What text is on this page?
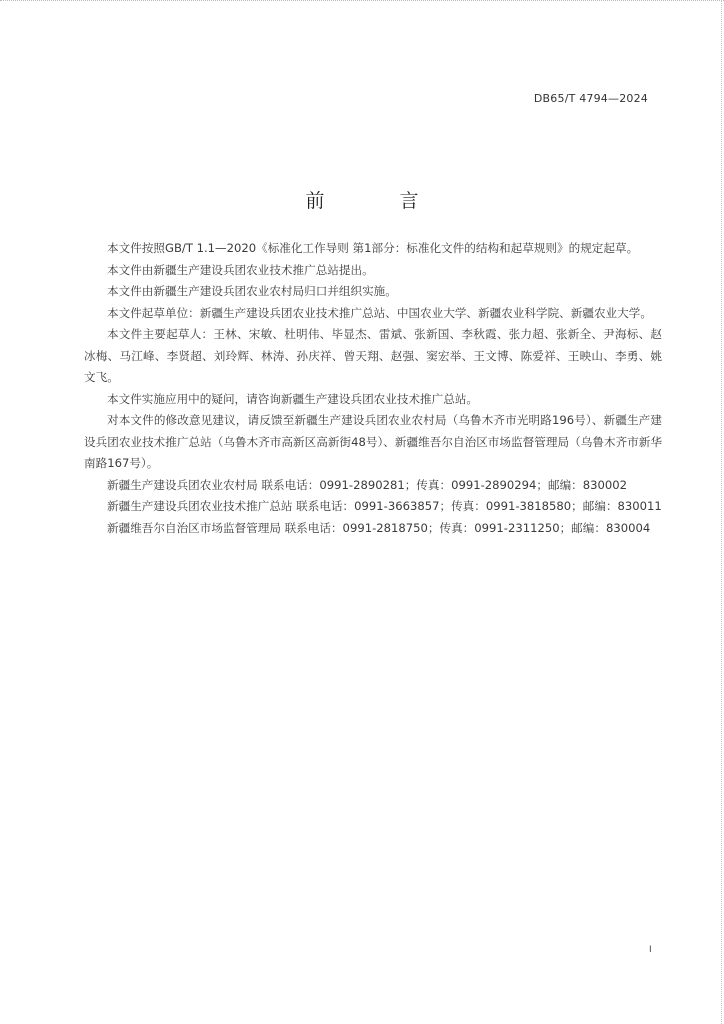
DB65/T 4794—2024
前　言

本文件按照GB/T 1.1—2020《标准化工作导则 第1部分：标准化文件的结构和起草规则》的规定起草。

本文件由新疆生产建设兵团农业技术推广总站提出。

本文件由新疆生产建设兵团农业农村局归口并组织实施。

本文件起草单位：新疆生产建设兵团农业技术推广总站、中国农业大学、新疆农业科学院、新疆农业大学。

本文件主要起草人：王林、宋敏、杜明伟、毕显杰、雷斌、张新国、李秋霞、张力超、张新全、尹海标、赵冰梅、马江峰、李贤超、刘玲辉、林涛、孙庆祥、曾天翔、赵强、窦宏举、王文博、陈爱祥、王映山、李勇、姚文飞。

本文件实施应用中的疑问，请咨询新疆生产建设兵团农业技术推广总站。

对本文件的修改意见建议，请反馈至新疆生产建设兵团农业农村局（乌鲁木齐市光明路196号）、新疆生产建设兵团农业技术推广总站（乌鲁木齐市高新区高新街48号）、新疆维吾尔自治区市场监督管理局（乌鲁木齐市新华南路167号）。

新疆生产建设兵团农业农村局 联系电话：0991-2890281；传真：0991-2890294；邮编：830002

新疆生产建设兵团农业技术推广总站 联系电话：0991-3663857；传真：0991-3818580；邮编：830011

新疆维吾尔自治区市场监督管理局 联系电话：0991-2818750；传真：0991-2311250；邮编：830004

I
